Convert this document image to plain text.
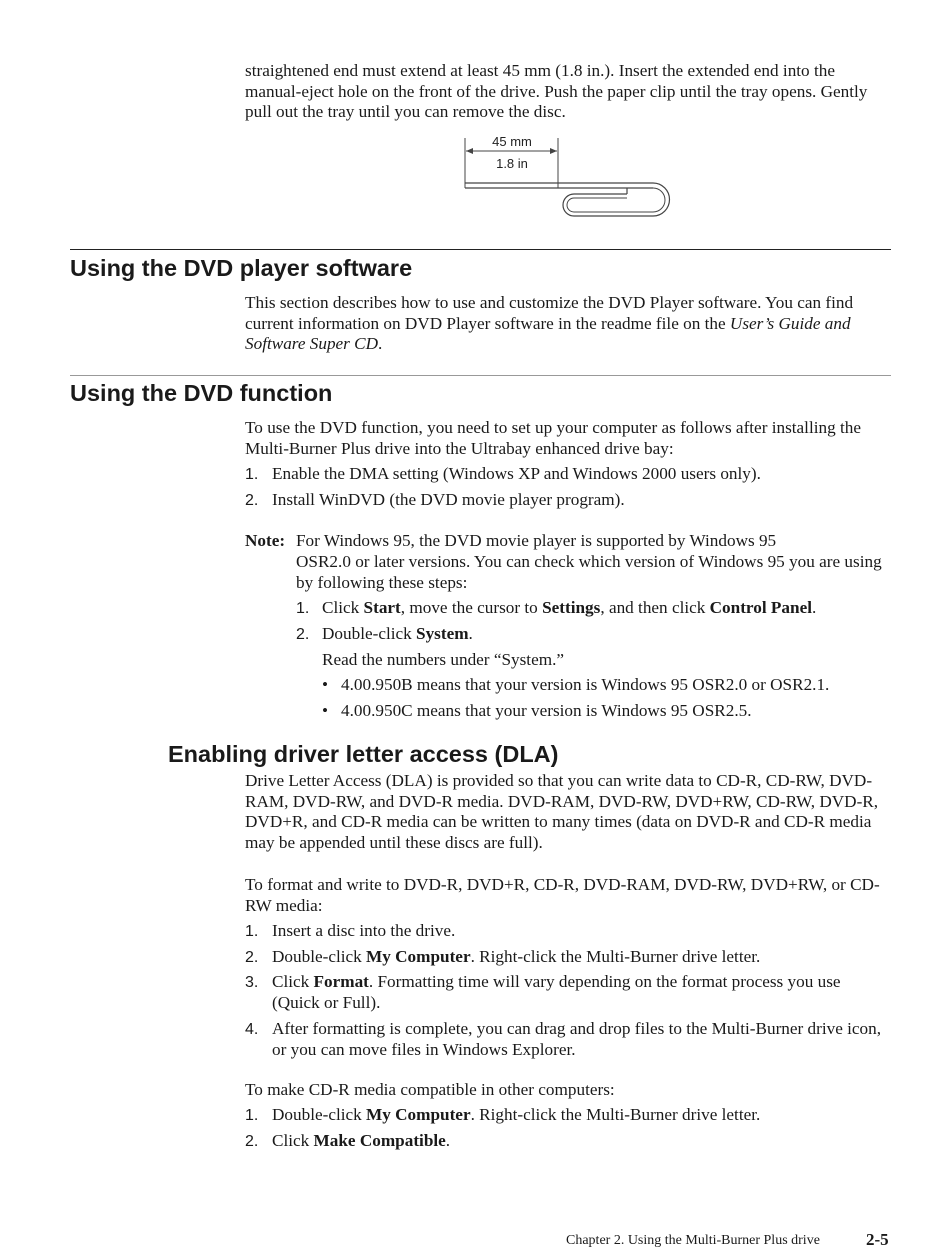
straightened end must extend at least 45 mm (1.8 in.). Insert the extended end into the manual-eject hole on the front of the drive. Push the paper clip until the tray opens. Gently pull out the tray until you can remove the disc.

45 mm
1.8 in
Using the DVD player software

This section describes how to use and customize the DVD Player software. You can find current information on DVD Player software in the readme file on the User’s Guide and Software Super CD.

Using the DVD function

To use the DVD function, you need to set up your computer as follows after installing the Multi-Burner Plus drive into the Ultrabay enhanced drive bay:

1. Enable the DMA setting (Windows XP and Windows 2000 users only).
2. Install WinDVD (the DVD movie player program).
Note: For Windows 95, the DVD movie player is supported by Windows 95

OSR2.0 or later versions. You can check which version of Windows 95 you are using by following these steps:

1. Click Start, move the cursor to Settings, and then click Control Panel.
2. Double-click System.

Read the numbers under “System.”

• 4.00.950B means that your version is Windows 95 OSR2.0 or OSR2.1.
• 4.00.950C means that your version is Windows 95 OSR2.5.
Enabling driver letter access (DLA)

Drive Letter Access (DLA) is provided so that you can write data to CD-R, CD-RW, DVD-RAM, DVD-RW, and DVD-R media. DVD-RAM, DVD-RW, DVD+RW, CD-RW, DVD-R, DVD+R, and CD-R media can be written to many times (data on DVD-R and CD-R media may be appended until these discs are full).

To format and write to DVD-R, DVD+R, CD-R, DVD-RAM, DVD-RW, DVD+RW, or CD-RW media:

1. Insert a disc into the drive.
2. Double-click My Computer. Right-click the Multi-Burner drive letter.
3. Click Format. Formatting time will vary depending on the format process you use (Quick or Full).
4. After formatting is complete, you can drag and drop files to the Multi-Burner drive icon, or you can move files in Windows Explorer.

To make CD-R media compatible in other computers:

1. Double-click My Computer. Right-click the Multi-Burner drive letter.
2. Click Make Compatible.
Chapter 2. Using the Multi-Burner Plus drive	2-5
